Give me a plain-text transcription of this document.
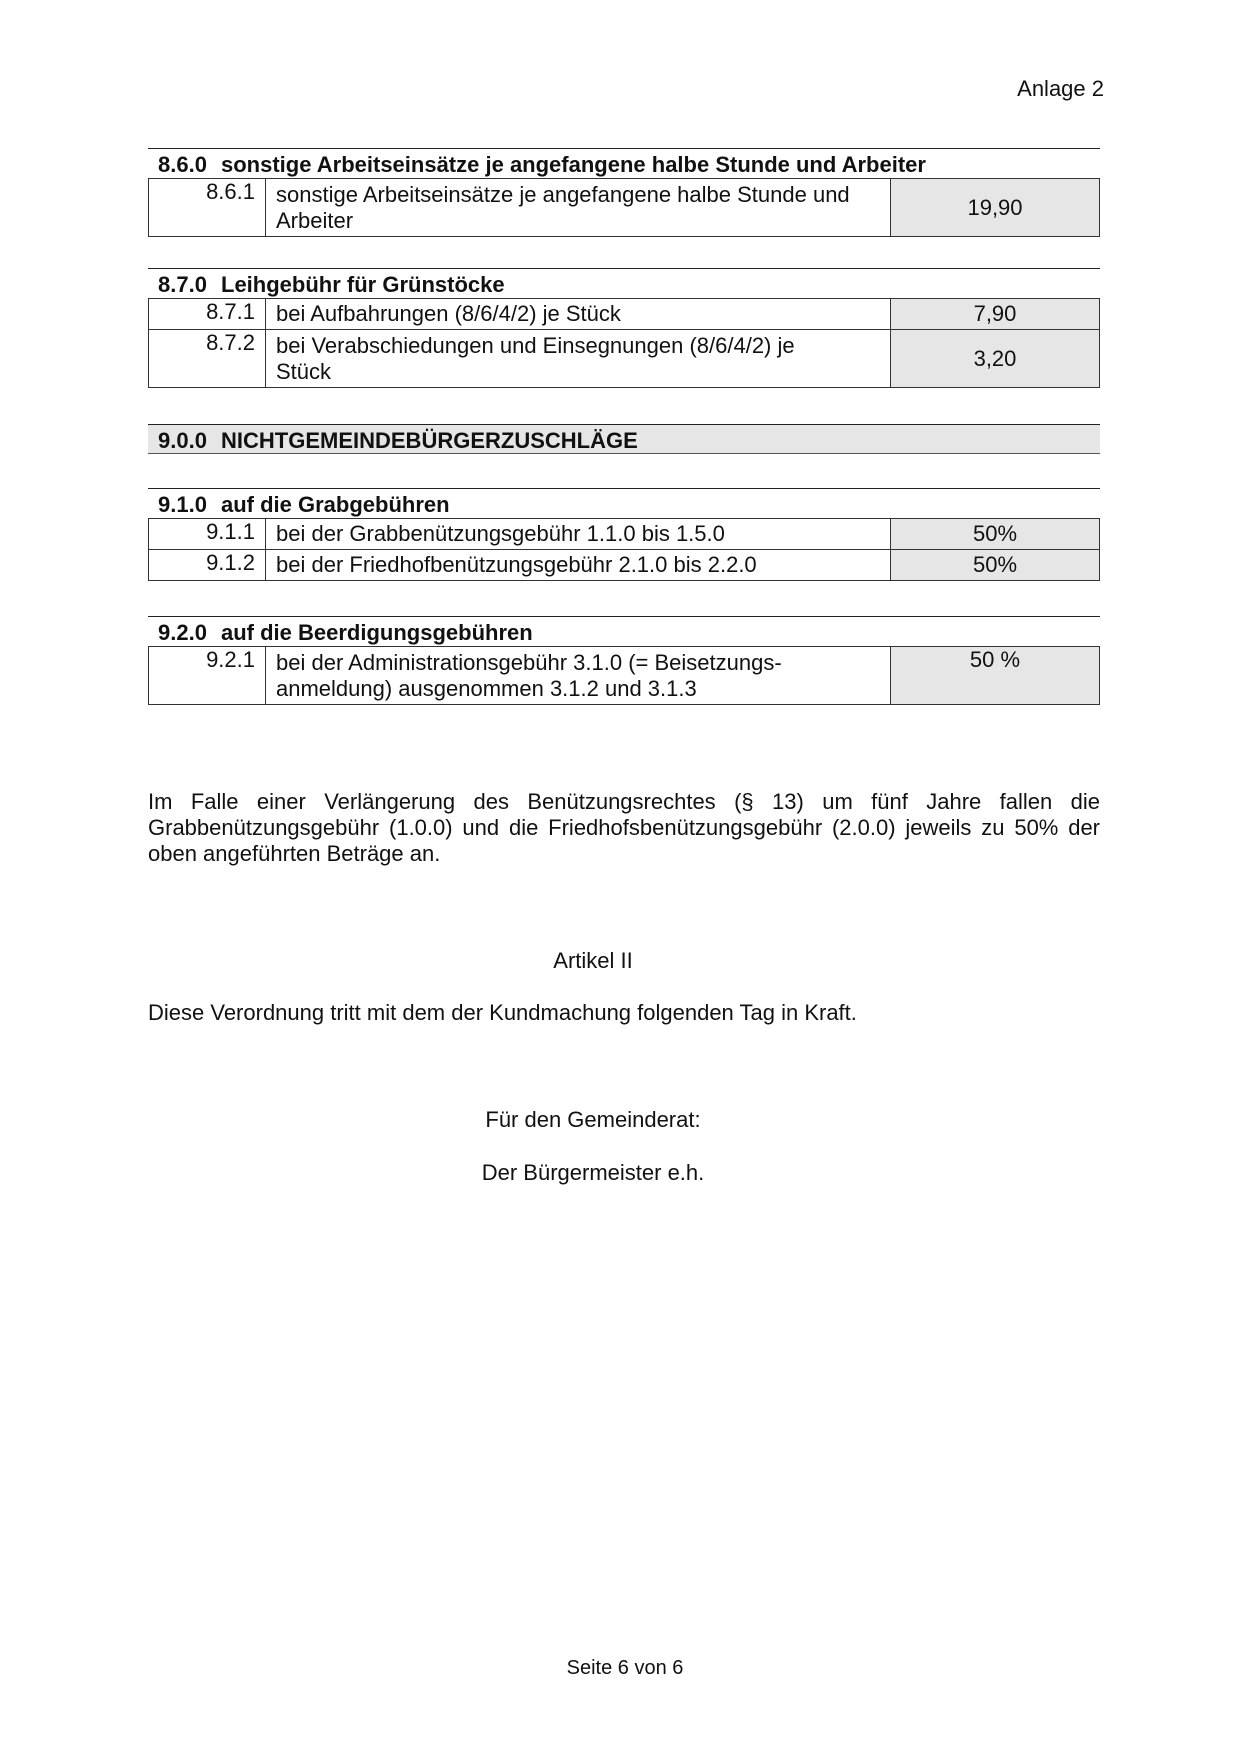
Anlage 2
8.6.0 sonstige Arbeitseinsätze je angefangene halbe Stunde und Arbeiter
8.6.1	sonstige Arbeitseinsätze je angefangene halbe Stunde und Arbeiter	19,90
8.7.0 Leihgebühr für Grünstöcke
8.7.1	bei Aufbahrungen (8/6/4/2) je Stück	7,90
8.7.2	bei Verabschiedungen und Einsegnungen (8/6/4/2) je Stück	3,20
9.0.0 NICHTGEMEINDEBÜRGERZUSCHLÄGE
9.1.0 auf die Grabgebühren
9.1.1	bei der Grabbenützungsgebühr 1.1.0 bis 1.5.0	50%
9.1.2	bei der Friedhofbenützungsgebühr 2.1.0 bis 2.2.0	50%
9.2.0 auf die Beerdigungsgebühren
9.2.1	bei der Administrationsgebühr 3.1.0 (= Beisetzungs-anmeldung) ausgenommen 3.1.2 und 3.1.3	50 %
Im Falle einer Verlängerung des Benützungsrechtes (§ 13) um fünf Jahre fallen die Grabbenützungsgebühr (1.0.0) und die Friedhofsbenützungsgebühr (2.0.0) jeweils zu 50% der oben angeführten Beträge an.
Artikel II
Diese Verordnung tritt mit dem der Kundmachung folgenden Tag in Kraft.
Für den Gemeinderat:
Der Bürgermeister e.h.
Seite 6 von 6
